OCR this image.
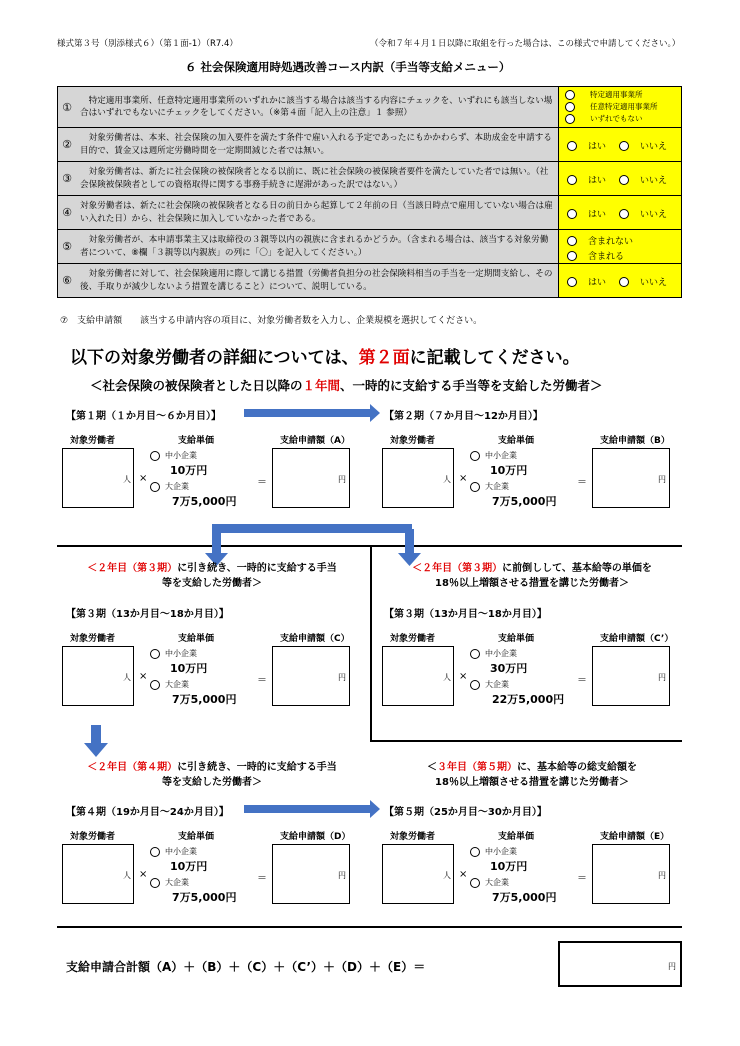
様式第３号（別添様式６）（第１面-1）（R7.4）	（令和７年４月１日以降に取組を行った場合は、この様式で申請してください。）
６ 社会保険適用時処遇改善コース内訳（手当等支給メニュー）
① 　特定適用事業所、任意特定適用事業所のいずれかに該当する場合は該当する内容にチェックを、いずれにも該当しない場合はいずれでもないにチェックをしてください。（※第４面「記入上の注意」１ 参照）
特定適用事業所
任意特定適用事業所
いずれでもない
② 　対象労働者は、本来、社会保険の加入要件を満たす条件で雇い入れる予定であったにもかかわらず、本助成金を申請する目的で、賃金又は週所定労働時間を一定期間減じた者では無い。	はい	いいえ
③ 　対象労働者は、新たに社会保険の被保険者となる以前に、既に社会保険の被保険者要件を満たしていた者では無い。（社会保険被保険者としての資格取得に関する事務手続きに遅滞があった訳ではない。）	はい	いいえ
④ 対象労働者は、新たに社会保険の被保険者となる日の前日から起算して２年前の日（当該日時点で雇用していない場合は雇い入れた日）から、社会保険に加入していなかった者である。	はい	いいえ
⑤ 　対象労働者が、本申請事業主又は取締役の３親等以内の親族に含まれるかどうか。（含まれる場合は、該当する対象労働者について、⑧欄「３親等以内親族」の列に「〇」を記入してください。）
含まれない
含まれる
⑥ 　対象労働者に対して、社会保険適用に際して講じる措置（労働者負担分の社会保険料相当の手当を一定期間支給し、その後、手取りが減少しないよう措置を講じること）について、説明している。	はい	いいえ
⑦　支給申請額　　該当する申請内容の項目に、対象労働者数を入力し、企業規模を選択してください。
以下の対象労働者の詳細については、第２面に記載してください。
＜社会保険の被保険者とした日以降の１年間、一時的に支給する手当等を支給した労働者＞
【第１期（１か月目～６か月目）】	【第２期（７か月目～12か月目）】
対象労働者	支給単価	支給申請額（A）
人 ×
中小企業
10万円
大企業
7万5,000円
＝	円
対象労働者	支給単価	支給申請額（B）
人 ×
中小企業
10万円
大企業
7万5,000円
＝	円
対象労働者	支給単価	支給申請額（C）
人 ×
中小企業
10万円
大企業
7万5,000円
＝	円
対象労働者	支給単価	支給申請額（C’）
人 ×
中小企業
30万円
大企業
22万5,000円
＝	円
対象労働者	支給単価	支給申請額（D）
人 ×
中小企業
10万円
大企業
7万5,000円
＝	円
対象労働者	支給単価	支給申請額（E）
人 ×
中小企業
10万円
大企業
7万5,000円
＝	円
＜２年目（第３期）に引き続き、一時的に支給する手当
等を支給した労働者＞
＜２年目（第３期）に前倒しして、基本給等の単価を
18％以上増額させる措置を講じた労働者＞
【第３期（13か月目～18か月目）】	【第３期（13か月目～18か月目）】
＜２年目（第４期）に引き続き、一時的に支給する手当
等を支給した労働者＞
＜３年目（第５期）に、基本給等の総支給額を
18％以上増額させる措置を講じた労働者＞
【第４期（19か月目～24か月目）】	【第５期（25か月目～30か月目）】
支給申請合計額（A）＋（B）＋（C）＋（C’）＋（D）＋（E）＝	円
